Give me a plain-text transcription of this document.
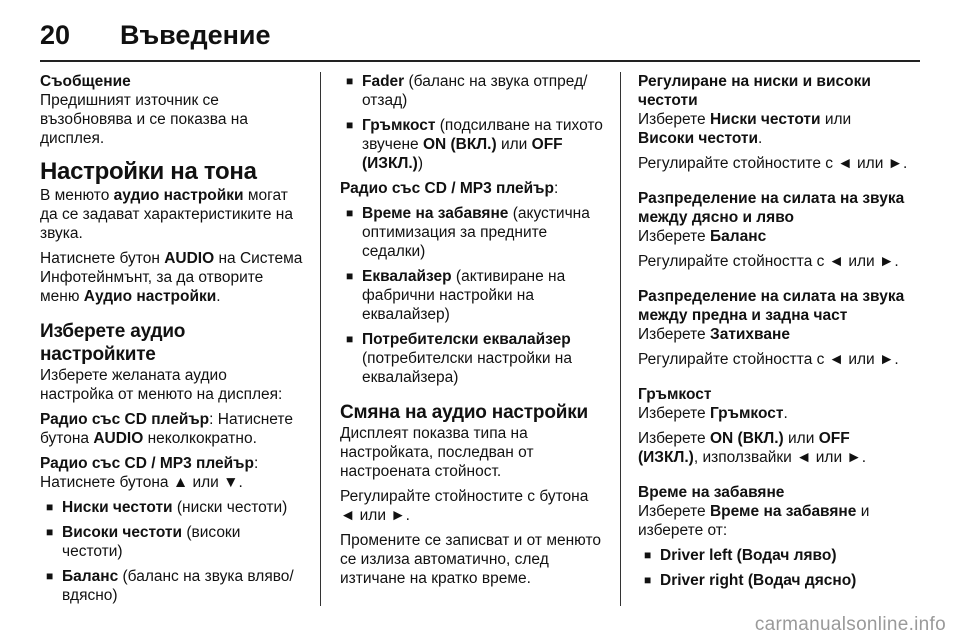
20 Въведение

Съобщение

Предишният източник се възобновява и се показва на дисплея.

Настройки на тона

В менюто аудио настройки могат да се задават характеристиките на звука.

Натиснете бутон AUDIO на Система Инфотейнмънт, за да отворите меню Аудио настройки.

Изберете аудио настройките

Изберете желаната аудио настройка от менюто на дисплея:

Радио със CD плейър: Натиснете бутона AUDIO неколкократно.

Радио със CD / MP3 плейър: Натиснете бутона ▲ или ▼.

■ Ниски честоти (ниски честоти)
■ Високи честоти (високи честоти)
■ Баланс (баланс на звука вляво/ вдясно)
■ Fader (баланс на звука отпред/ отзад)
■ Гръмкост (подсилване на тихото звучене ON (ВКЛ.) или OFF (ИЗКЛ.))

Радио със CD / MP3 плейър:

■ Време на забавяне (акустична оптимизация за предните седалки)
■ Еквалайзер (активиране на фабрични настройки на еквалайзер)
■ Потребителски еквалайзер (потребителски настройки на еквалайзера)
Смяна на аудио настройки

Дисплеят показва типа на настройката, последван от настроената стойност.

Регулирайте стойностите с бутона ◄ или ►.

Промените се записват и от менюто се излиза автоматично, след изтичане на кратко време.

Регулиране на ниски и високи честоти

Изберете Ниски честоти или Високи честоти.

Регулирайте стойностите с ◄ или ►.

Разпределение на силата на звука между дясно и ляво

Изберете Баланс

Регулирайте стойността с ◄ или ►.

Разпределение на силата на звука между предна и задна част

Изберете Затихване

Регулирайте стойността с ◄ или ►.

Гръмкост

Изберете Гръмкост.

Изберете ON (ВКЛ.) или OFF (ИЗКЛ.), използвайки ◄ или ►.

Време на забавяне

Изберете Време на забавяне и изберете от:

■ Driver left (Водач ляво)
■ Driver right (Водач дясно)
carmanualsonline.info
